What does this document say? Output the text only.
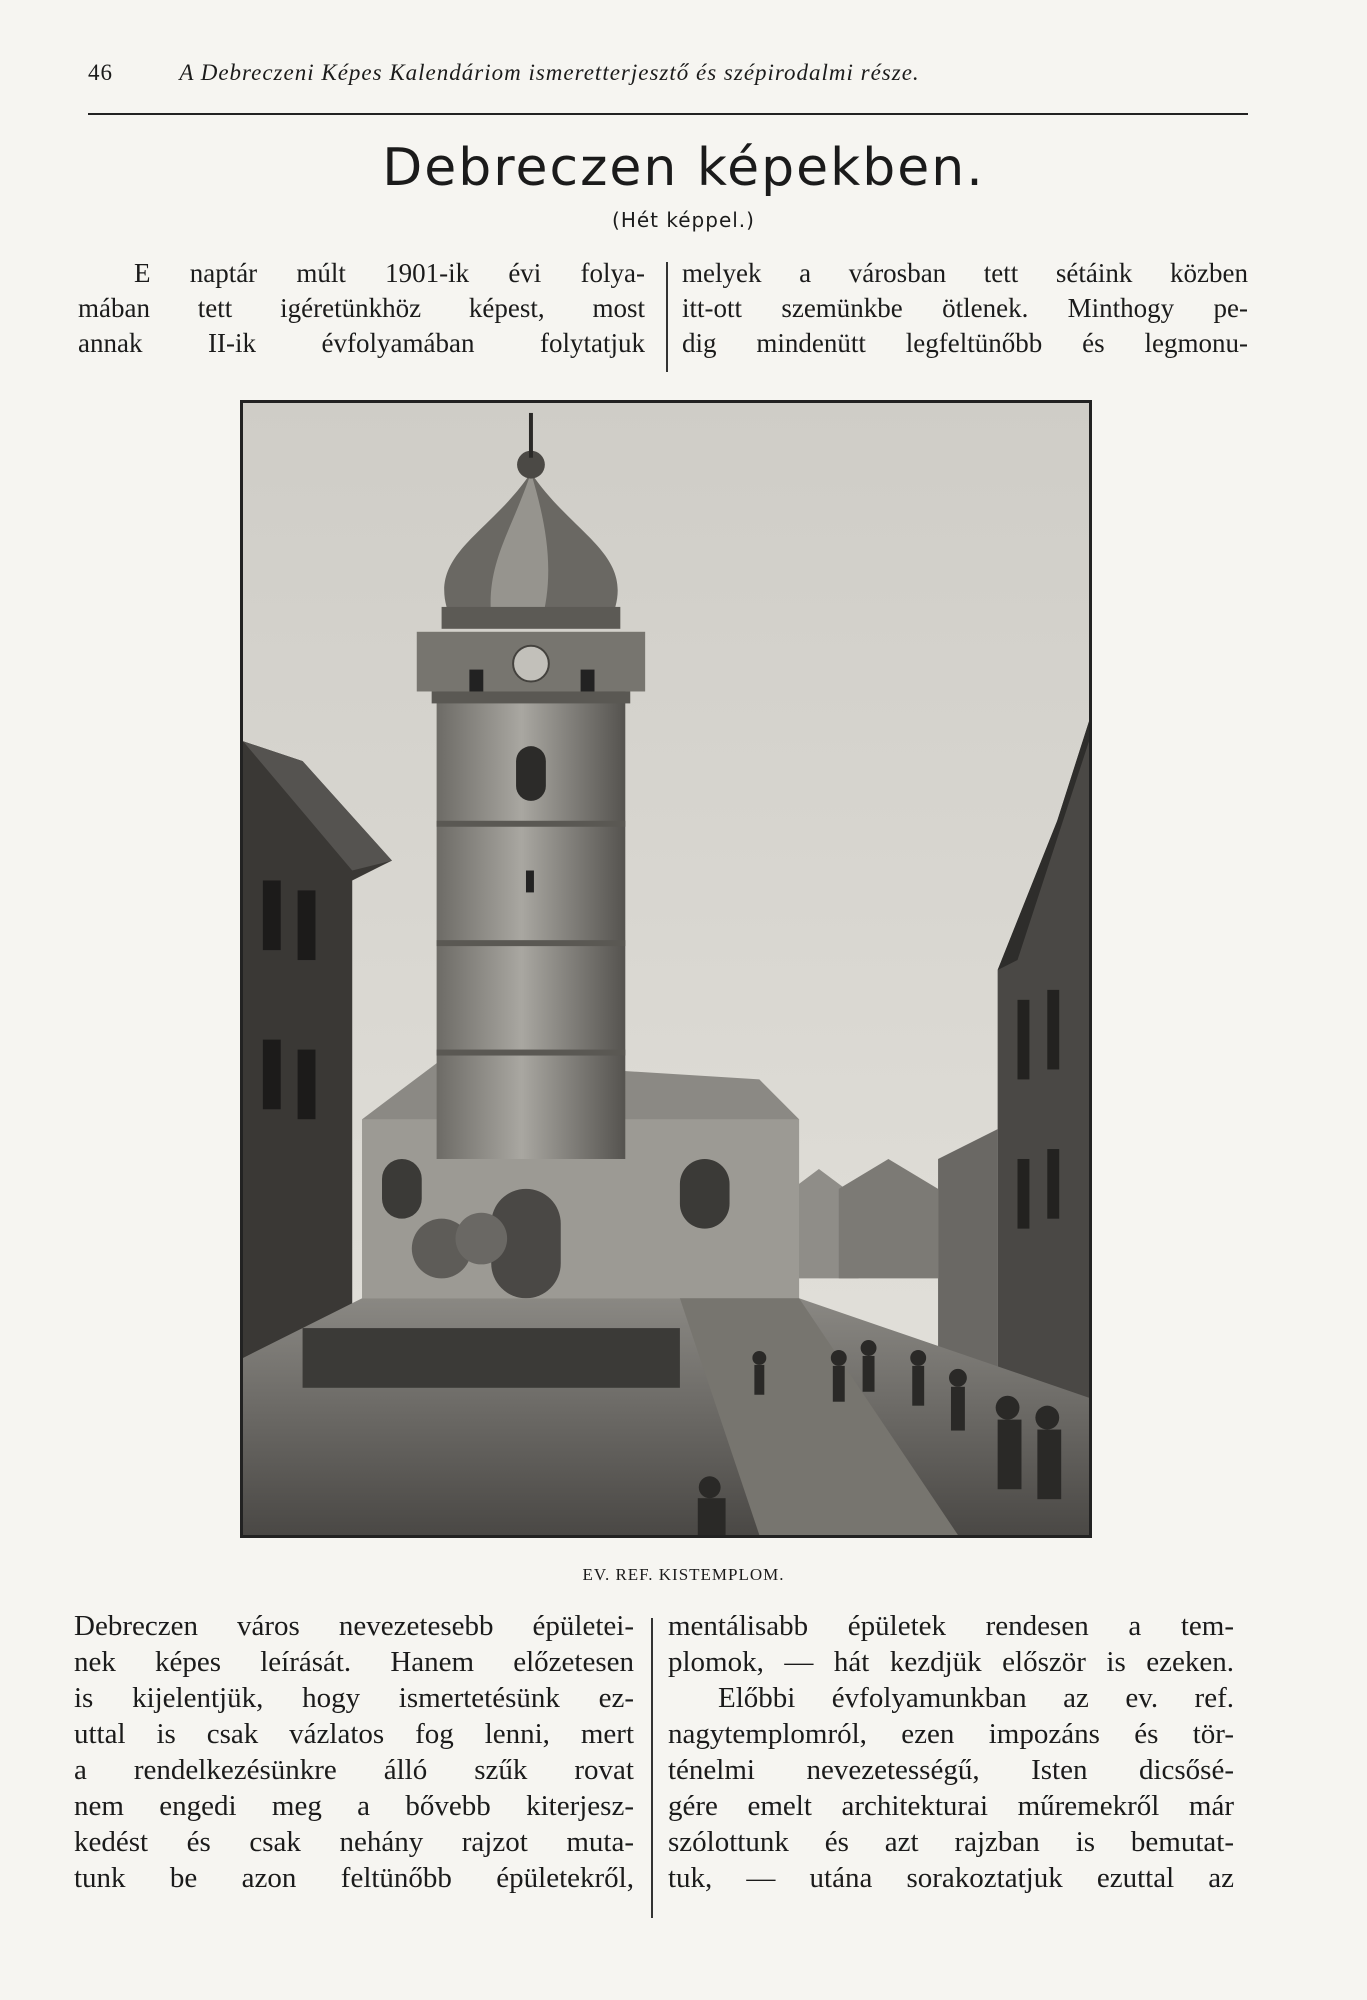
46	A Debreczeni Képes Kalendáriom ismeretterjesztő és szépirodalmi része.
Debreczen képekben.
(Hét képpel.)
E naptár múlt 1901-ik évi folya-
mában tett igéretünkhöz képest, most
annak II-ik évfolyamában folytatjuk
melyek a városban tett sétáink közben
itt-ott szemünkbe ötlenek. Minthogy pe-
dig mindenütt legfeltünőbb és legmonu-
EV. REF. KISTEMPLOM.
Debreczen város nevezetesebb épületei-
nek képes leírását. Hanem előzetesen
is kijelentjük, hogy ismertetésünk ez-
uttal is csak vázlatos fog lenni, mert
a rendelkezésünkre álló szűk rovat
nem engedi meg a bővebb kiterjesz-
kedést és csak nehány rajzot muta-
tunk be azon feltünőbb épületekről,
mentálisabb épületek rendesen a tem-
plomok, — hát kezdjük először is ezeken.
Előbbi évfolyamunkban az ev. ref.
nagytemplomról, ezen impozáns és tör-
ténelmi nevezetességű, Isten dicsősé-
gére emelt architekturai műremekről már
szólottunk és azt rajzban is bemutat-
tuk, — utána sorakoztatjuk ezuttal az
